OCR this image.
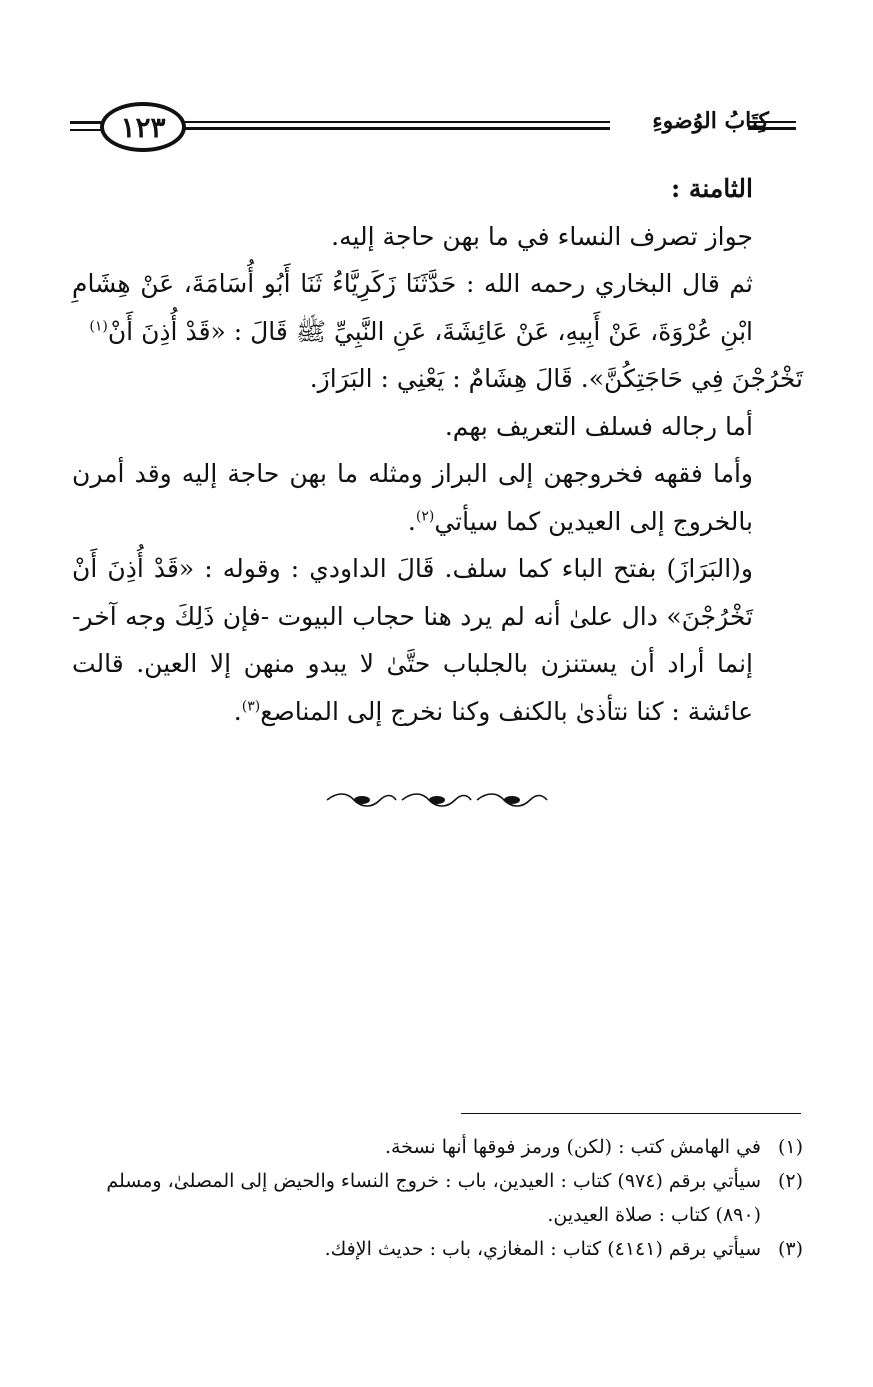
١٢٣	كِتَابُ الوُضوءِ

الثامنة :

جواز تصرف النساء في ما بهن حاجة إليه.

ثم قال البخاري رحمه الله : حَدَّثَنَا زَكَرِيَّاءُ ثَنَا أَبُو أُسَامَةَ، عَنْ هِشَامِ ابْنِ عُرْوَةَ، عَنْ أَبِيهِ، عَنْ عَائِشَةَ، عَنِ النَّبِيِّ ﷺ قَالَ : «قَدْ أُذِنَ أَنْ$^{(١)}$

تَخْرُجْنَ فِي حَاجَتِكُنَّ». قَالَ هِشَامٌ : يَعْنِي : البَرَازَ.

أما رجاله فسلف التعريف بهم.

وأما فقهه فخروجهن إلى البراز ومثله ما بهن حاجة إليه وقد أمرن بالخروج إلى العيدين كما سيأتي$^{(٢)}$.

و(البَرَازَ) بفتح الباء كما سلف. قَالَ الداودي : وقوله : «قَدْ أُذِنَ أَنْ تَخْرُجْنَ» دال علىٰ أنه لم يرد هنا حجاب البيوت -فإن ذَلِكَ وجه آخر- إنما أراد أن يستنزن بالجلباب حتَّىٰ لا يبدو منهن إلا العين. قالت عائشة : كنا نتأذىٰ بالكنف وكنا نخرج إلى المناصع$^{(٣)}$.

(١)
في الهامش كتب : (لكن) ورمز فوقها أنها نسخة.
(٢)
سيأتي برقم (٩٧٤) كتاب : العيدين، باب : خروج النساء والحيض إلى المصلىٰ، ومسلم (٨٩٠) كتاب : صلاة العيدين.
(٣)
سيأتي برقم (٤١٤١) كتاب : المغازي، باب : حديث الإفك.
